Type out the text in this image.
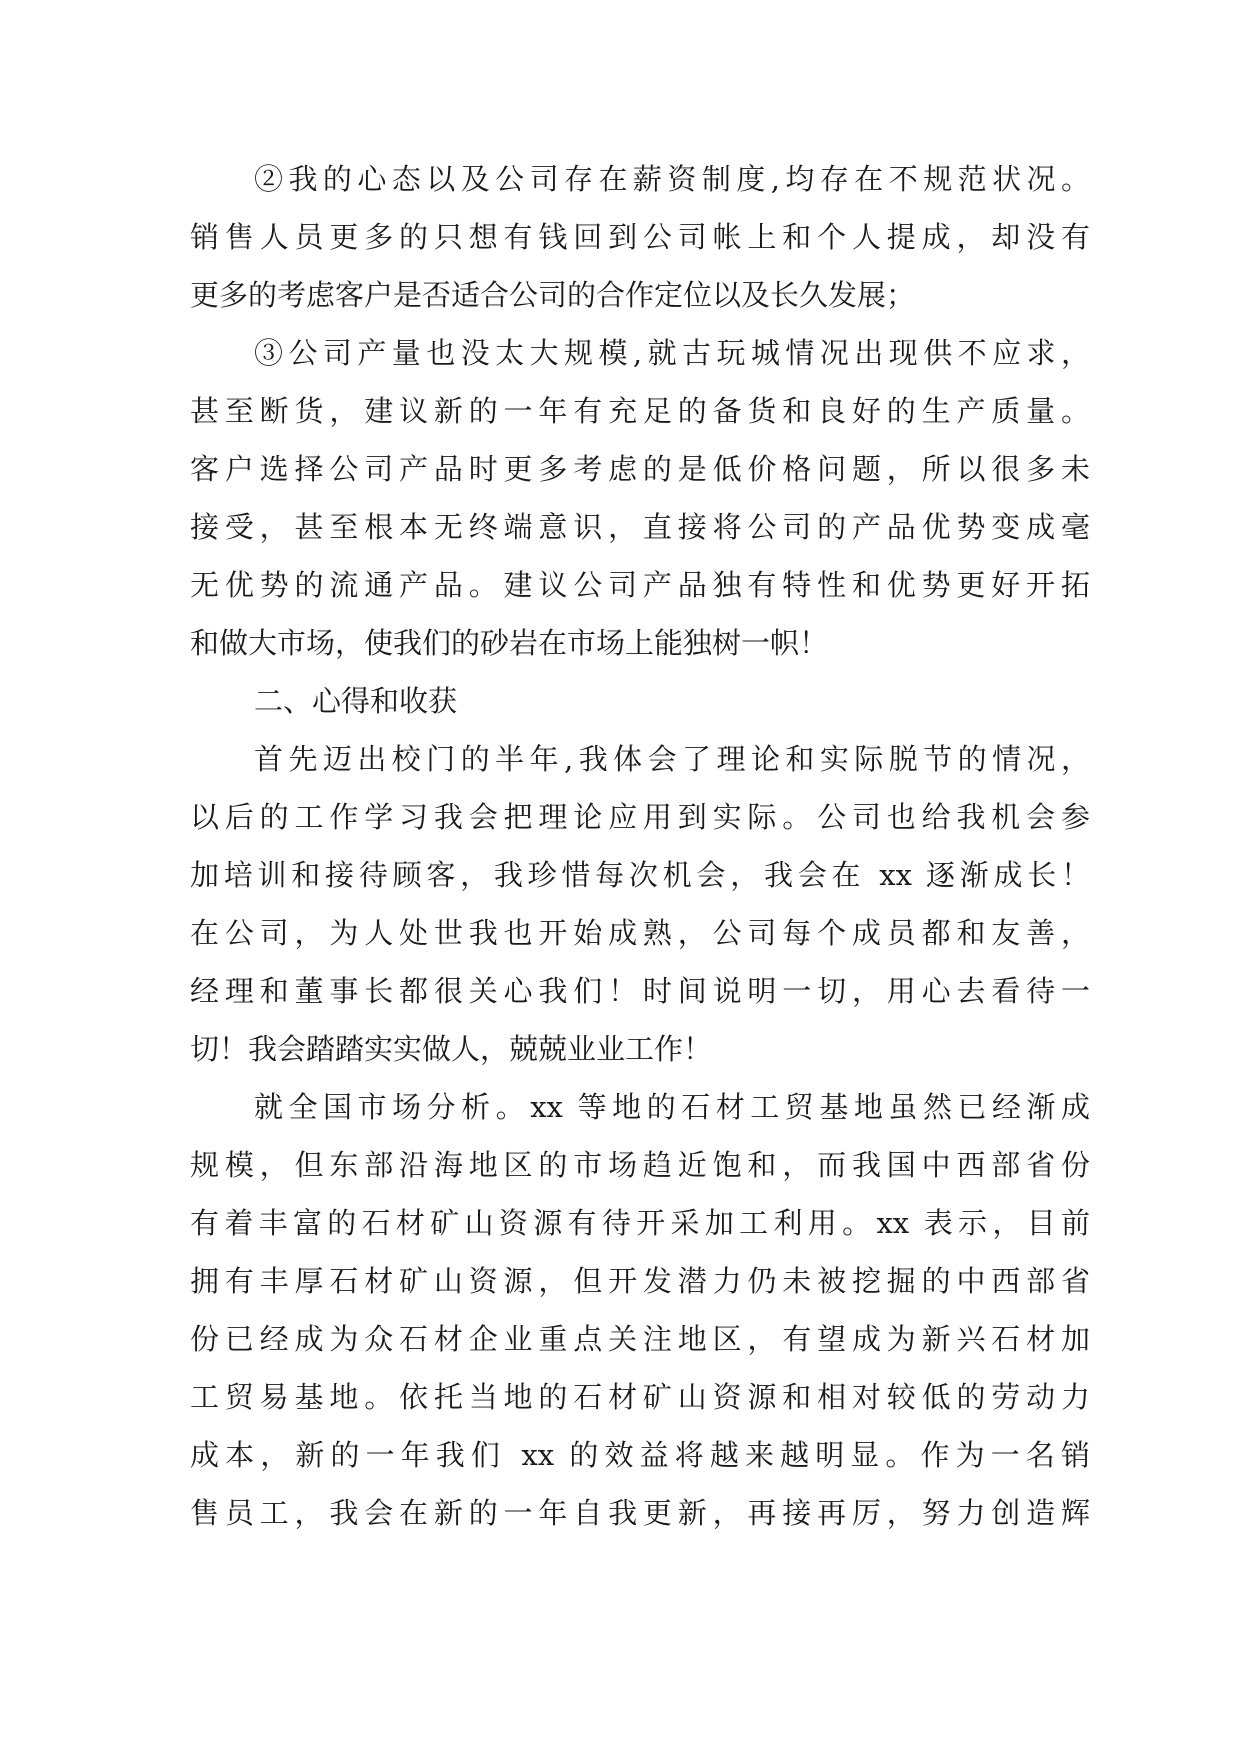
②我的心态以及公司存在薪资制度,均存在不规范状况。
销售人员更多的只想有钱回到公司帐上和个人提成，却没有
更多的考虑客户是否适合公司的合作定位以及长久发展；
③公司产量也没太大规模,就古玩城情况出现供不应求，
甚至断货，建议新的一年有充足的备货和良好的生产质量。
客户选择公司产品时更多考虑的是低价格问题，所以很多未
接受，甚至根本无终端意识，直接将公司的产品优势变成毫
无优势的流通产品。建议公司产品独有特性和优势更好开拓
和做大市场，使我们的砂岩在市场上能独树一帜！
二、心得和收获
首先迈出校门的半年,我体会了理论和实际脱节的情况，
以后的工作学习我会把理论应用到实际。公司也给我机会参
加培训和接待顾客，我珍惜每次机会，我会在 xx 逐渐成长！
在公司，为人处世我也开始成熟，公司每个成员都和友善，
经理和董事长都很关心我们！时间说明一切，用心去看待一
切！我会踏踏实实做人，兢兢业业工作！
就全国市场分析。xx 等地的石材工贸基地虽然已经渐成
规模，但东部沿海地区的市场趋近饱和，而我国中西部省份
有着丰富的石材矿山资源有待开采加工利用。xx 表示，目前
拥有丰厚石材矿山资源，但开发潜力仍未被挖掘的中西部省
份已经成为众石材企业重点关注地区，有望成为新兴石材加
工贸易基地。依托当地的石材矿山资源和相对较低的劳动力
成本，新的一年我们 xx 的效益将越来越明显。作为一名销
售员工，我会在新的一年自我更新，再接再厉，努力创造辉
